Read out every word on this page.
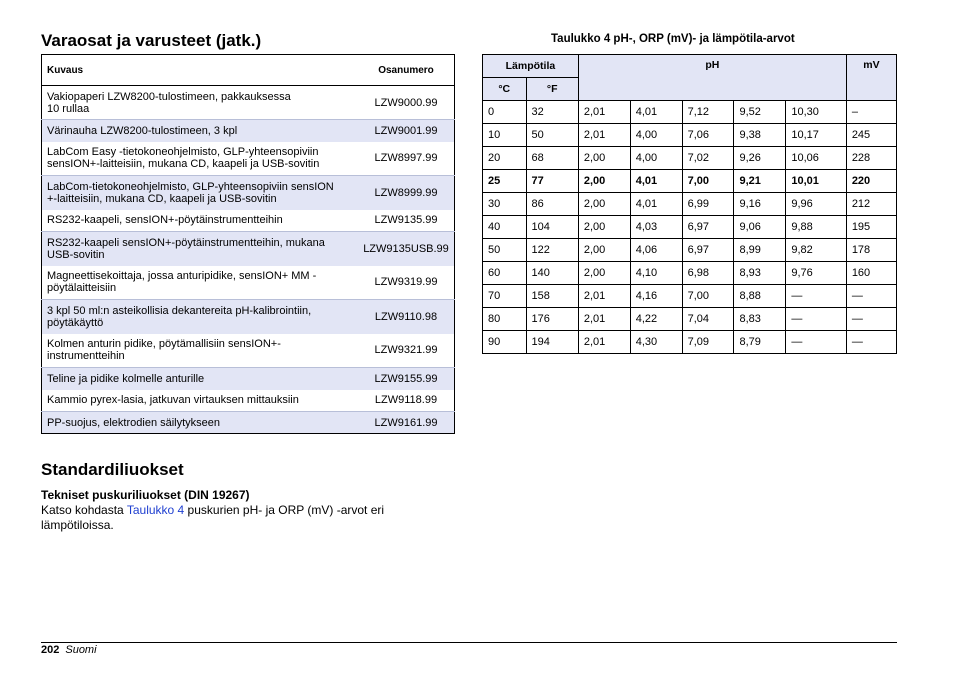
Varaosat ja varusteet (jatk.)
Kuvaus	Osanumero
Vakiopaperi LZW8200-tulostimeen, pakkauksessa
10 rullaa	LZW9000.99
Värinauha LZW8200-tulostimeen, 3 kpl	LZW9001.99
LabCom Easy -tietokoneohjelmisto, GLP-yhteensopiviin
sensION+-laitteisiin, mukana CD, kaapeli ja USB-sovitin	LZW8997.99
LabCom-tietokoneohjelmisto, GLP-yhteensopiviin sensION
+-laitteisiin, mukana CD, kaapeli ja USB-sovitin	LZW8999.99
RS232-kaapeli, sensION+-pöytäinstrumentteihin	LZW9135.99
RS232-kaapeli sensION+-pöytäinstrumentteihin, mukana
USB-sovitin	LZW9135USB.99
Magneettisekoittaja, jossa anturipidike, sensION+ MM -
pöytälaitteisiin	LZW9319.99
3 kpl 50 ml:n asteikollisia dekantereita pH-kalibrointiin,
pöytäkäyttö	LZW9110.98
Kolmen anturin pidike, pöytämallisiin sensION+-
instrumentteihin	LZW9321.99
Teline ja pidike kolmelle anturille	LZW9155.99
Kammio pyrex-lasia, jatkuvan virtauksen mittauksiin	LZW9118.99
PP-suojus, elektrodien säilytykseen	LZW9161.99
Standardiliuokset
Tekniset puskuriliuokset (DIN 19267)

Katso kohdasta Taulukko 4 puskurien pH- ja ORP (mV) -arvot eri lämpötiloissa.

Taulukko 4 pH-, ORP (mV)- ja lämpötila-arvot
Lämpötila		pH					mV
°C	°F						
0	32	2,01	4,01	7,12	9,52	10,30	–
10	50	2,01	4,00	7,06	9,38	10,17	245
20	68	2,00	4,00	7,02	9,26	10,06	228
25	77	2,00	4,01	7,00	9,21	10,01	220
30	86	2,00	4,01	6,99	9,16	9,96	212
40	104	2,00	4,03	6,97	9,06	9,88	195
50	122	2,00	4,06	6,97	8,99	9,82	178
60	140	2,00	4,10	6,98	8,93	9,76	160
70	158	2,01	4,16	7,00	8,88	—	—
80	176	2,01	4,22	7,04	8,83	—	—
90	194	2,01	4,30	7,09	8,79	—	—
202 Suomi
